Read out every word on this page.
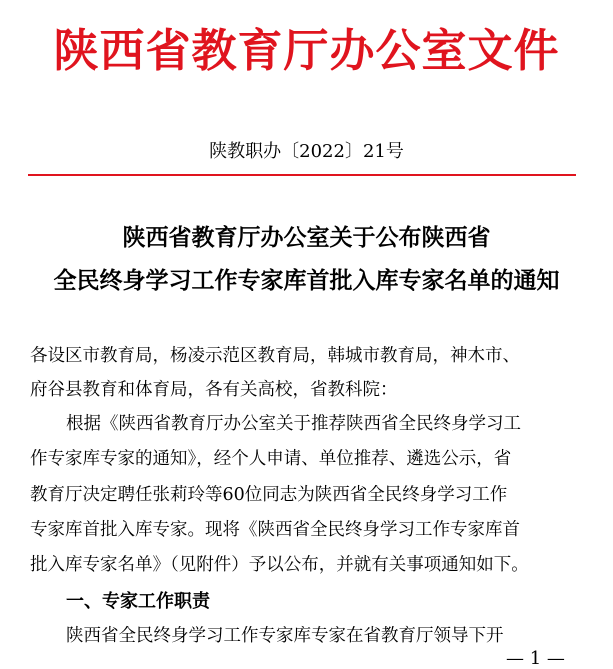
陕西省教育厅办公室文件
陕教职办〔2022〕21号
陕西省教育厅办公室关于公布陕西省
全民终身学习工作专家库首批入库专家名单的通知
各设区市教育局，杨凌示范区教育局，韩城市教育局，神木市、
府谷县教育和体育局，各有关高校，省教科院：
根据《陕西省教育厅办公室关于推荐陕西省全民终身学习工
作专家库专家的通知》，经个人申请、单位推荐、遴选公示，省
教育厅决定聘任张莉玲等60位同志为陕西省全民终身学习工作
专家库首批入库专家。现将《陕西省全民终身学习工作专家库首
批入库专家名单》（见附件）予以公布，并就有关事项通知如下。
一、专家工作职责
陕西省全民终身学习工作专家库专家在省教育厅领导下开
— 1 —
